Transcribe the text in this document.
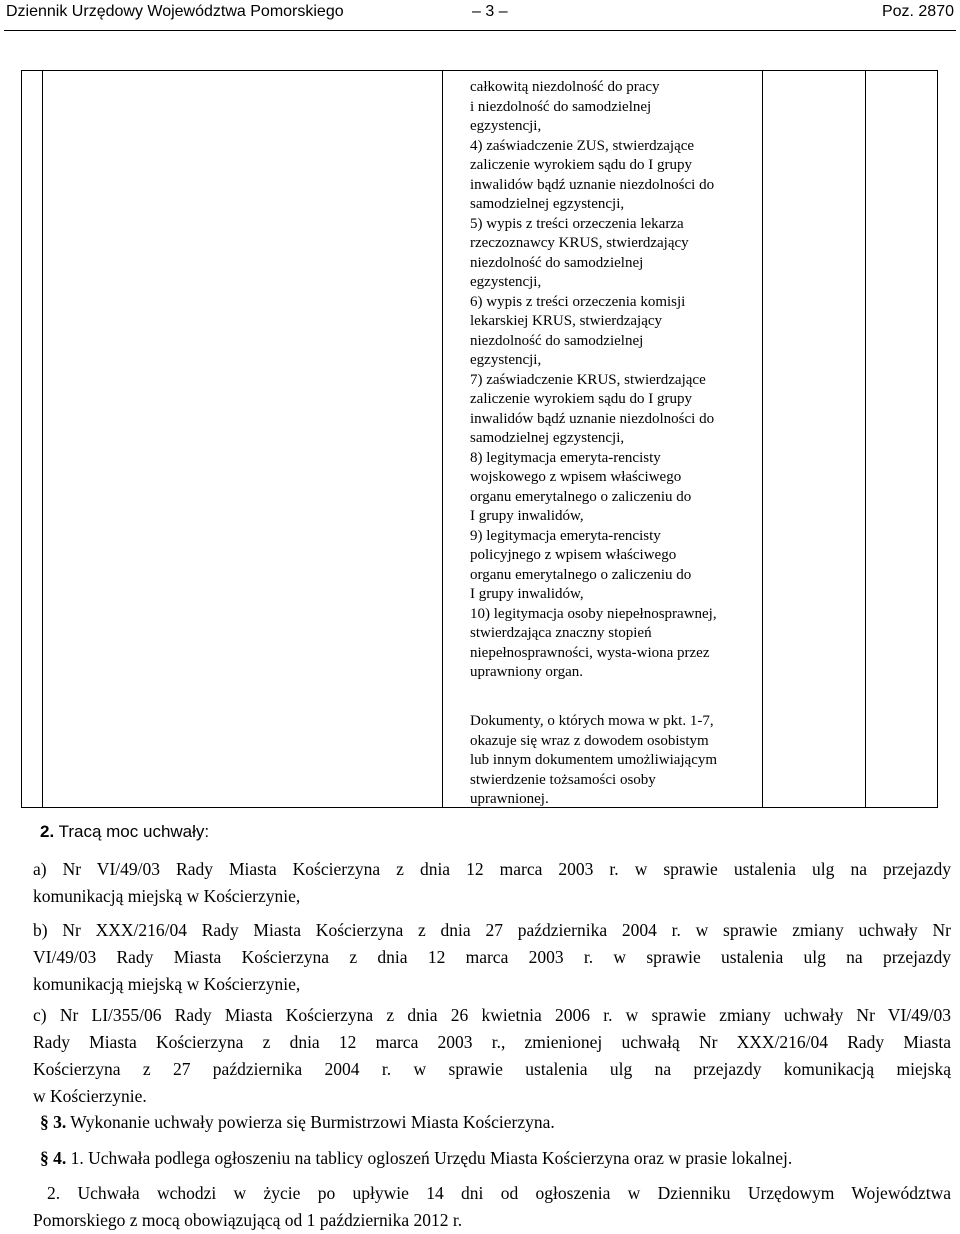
Dziennik Urzędowy Województwa Pomorskiego	– 3 –	Poz. 2870
całkowitą niezdolność do pracy
i niezdolność do samodzielnej
egzystencji,
4) zaświadczenie ZUS, stwierdzające
zaliczenie wyrokiem sądu do I grupy
inwalidów bądź uznanie niezdolności do
samodzielnej egzystencji,
5) wypis z treści orzeczenia lekarza
rzeczoznawcy KRUS, stwierdzający
niezdolność do samodzielnej
egzystencji,
6) wypis z treści orzeczenia komisji
lekarskiej KRUS, stwierdzający
niezdolność do samodzielnej
egzystencji,
7) zaświadczenie KRUS, stwierdzające
zaliczenie wyrokiem sądu do I grupy
inwalidów bądź uznanie niezdolności do
samodzielnej egzystencji,
8) legitymacja emeryta-rencisty
wojskowego z wpisem właściwego
organu emerytalnego o zaliczeniu do
I grupy inwalidów,
9) legitymacja emeryta-rencisty
policyjnego z wpisem właściwego
organu emerytalnego o zaliczeniu do
I grupy inwalidów,
10) legitymacja osoby niepełnosprawnej,
stwierdzająca znaczny stopień
niepełnosprawności, wysta-wiona przez
uprawniony organ.
Dokumenty, o których mowa w pkt. 1-7,
okazuje się wraz z dowodem osobistym
lub innym dokumentem umożliwiającym
stwierdzenie tożsamości osoby
uprawnionej.
2. Tracą moc uchwały:
a) Nr VI/49/03 Rady Miasta Kościerzyna z dnia 12 marca 2003 r. w sprawie ustalenia ulg na przejazdy
komunikacją miejską w Kościerzynie,
b) Nr XXX/216/04 Rady Miasta Kościerzyna z dnia 27 października 2004 r. w sprawie zmiany uchwały Nr
VI/49/03 Rady Miasta Kościerzyna z dnia 12 marca 2003 r. w sprawie ustalenia ulg na przejazdy
komunikacją miejską w Kościerzynie,
c) Nr LI/355/06 Rady Miasta Kościerzyna z dnia 26 kwietnia 2006 r. w sprawie zmiany uchwały Nr VI/49/03
Rady Miasta Kościerzyna z dnia 12 marca 2003 r., zmienionej uchwałą Nr XXX/216/04 Rady Miasta
Kościerzyna z 27 października 2004 r. w sprawie ustalenia ulg na przejazdy komunikacją miejską
w Kościerzynie.
§ 3. Wykonanie uchwały powierza się Burmistrzowi Miasta Kościerzyna.
§ 4. 1. Uchwała podlega ogłoszeniu na tablicy ogloszeń Urzędu Miasta Kościerzyna oraz w prasie lokalnej.
2. Uchwała wchodzi w życie po upływie 14 dni od ogłoszenia w Dzienniku Urzędowym Województwa
Pomorskiego z mocą obowiązującą od 1 października 2012 r.
